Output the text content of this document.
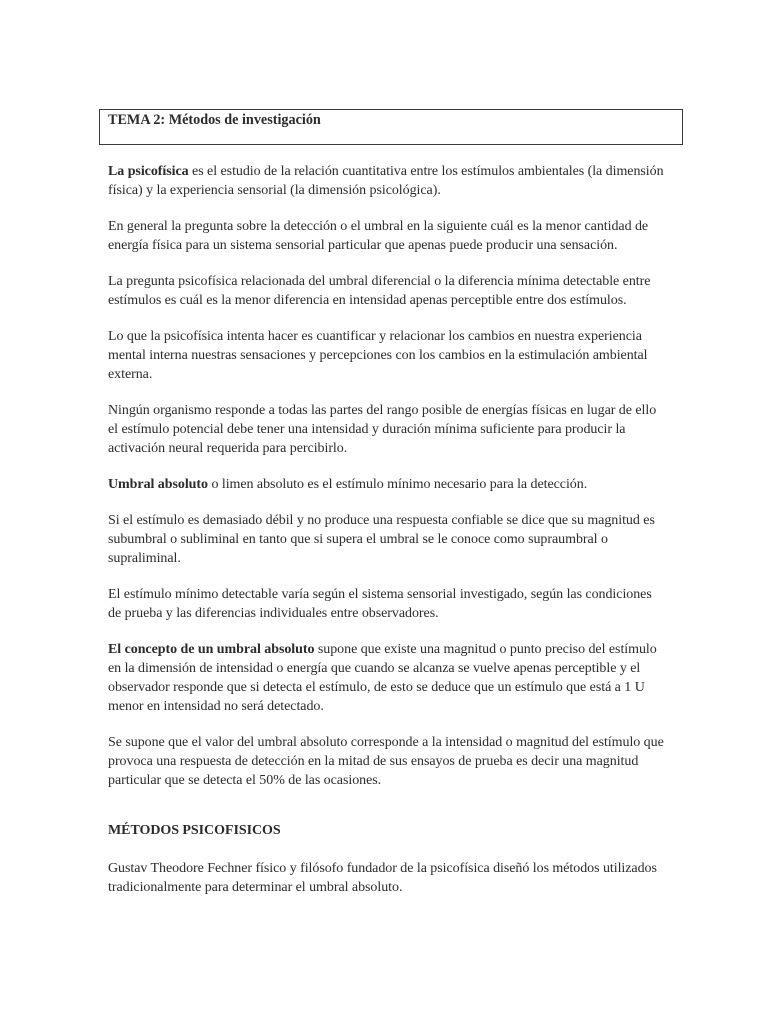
TEMA 2: Métodos de investigación

La psicofísica es el estudio de la relación cuantitativa entre los estímulos ambientales (la dimensión física) y la experiencia sensorial (la dimensión psicológica).

En general la pregunta sobre la detección o el umbral en la siguiente cuál es la menor cantidad de energía física para un sistema sensorial particular que apenas puede producir una sensación.

La pregunta psicofísica relacionada del umbral diferencial o la diferencia mínima detectable entre estímulos es cuál es la menor diferencia en intensidad apenas perceptible entre dos estímulos.

Lo que la psicofísica intenta hacer es cuantificar y relacionar los cambios en nuestra experiencia mental interna nuestras sensaciones y percepciones con los cambios en la estimulación ambiental externa.

Ningún organismo responde a todas las partes del rango posible de energías físicas en lugar de ello el estímulo potencial debe tener una intensidad y duración mínima suficiente para producir la activación neural requerida para percibirlo.

Umbral absoluto o limen absoluto es el estímulo mínimo necesario para la detección.

Si el estímulo es demasiado débil y no produce una respuesta confiable se dice que su magnitud es subumbral o subliminal en tanto que si supera el umbral se le conoce como supraumbral o supraliminal.

El estímulo mínimo detectable varía según el sistema sensorial investigado, según las condiciones de prueba y las diferencias individuales entre observadores.

El concepto de un umbral absoluto supone que existe una magnitud o punto preciso del estímulo en la dimensión de intensidad o energía que cuando se alcanza se vuelve apenas perceptible y el observador responde que si detecta el estímulo, de esto se deduce que un estímulo que está a 1 U menor en intensidad no será detectado.

Se supone que el valor del umbral absoluto corresponde a la intensidad o magnitud del estímulo que provoca una respuesta de detección en la mitad de sus ensayos de prueba es decir una magnitud particular que se detecta el 50% de las ocasiones.

MÉTODOS PSICOFISICOS

Gustav Theodore Fechner físico y filósofo fundador de la psicofísica diseñó los métodos utilizados tradicionalmente para determinar el umbral absoluto.
